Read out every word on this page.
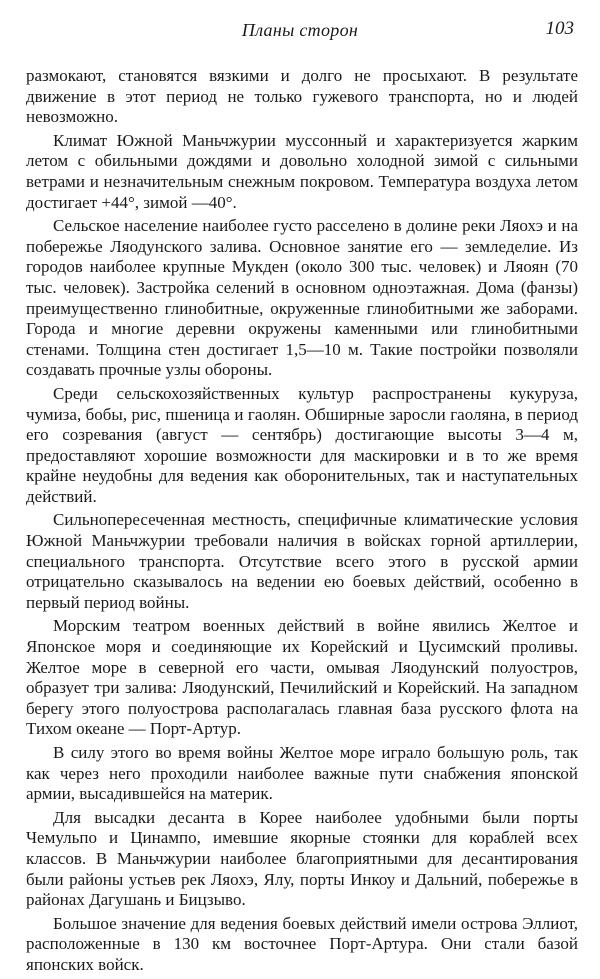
Планы сторон	103

размокают, становятся вязкими и долго не просыхают. В результате движение в этот период не только гужевого транспорта, но и людей невозможно.

Климат Южной Маньчжурии муссонный и характеризуется жарким летом с обильными дождями и довольно холодной зимой с сильными ветрами и незначительным снежным покровом. Температура воздуха летом достигает +44°, зимой —40°.

Сельское население наиболее густо расселено в долине реки Ляохэ и на побережье Ляодунского залива. Основное занятие его — земледелие. Из городов наиболее крупные Мукден (около 300 тыс. человек) и Ляоян (70 тыс. человек). Застройка селений в основном одноэтажная. Дома (фанзы) преимущественно глинобитные, окруженные глинобитными же заборами. Города и многие деревни окружены каменными или глинобитными стенами. Толщина стен достигает 1,5—10 м. Такие постройки позволяли создавать прочные узлы обороны.

Среди сельскохозяйственных культур распространены кукуруза, чумиза, бобы, рис, пшеница и гаолян. Обширные заросли гаоляна, в период его созревания (август — сентябрь) достигающие высоты 3—4 м, предоставляют хорошие возможности для маскировки и в то же время крайне неудобны для ведения как оборонительных, так и наступательных действий.

Сильнопересеченная местность, специфичные климатические условия Южной Маньчжурии требовали наличия в войсках горной артиллерии, специального транспорта. Отсутствие всего этого в русской армии отрицательно сказывалось на ведении ею боевых действий, особенно в первый период войны.

Морским театром военных действий в войне явились Желтое и Японское моря и соединяющие их Корейский и Цусимский проливы. Желтое море в северной его части, омывая Ляодунский полуостров, образует три залива: Ляодунский, Печилийский и Корейский. На западном берегу этого полуострова располагалась главная база русского флота на Тихом океане — Порт-Артур.

В силу этого во время войны Желтое море играло большую роль, так как через него проходили наиболее важные пути снабжения японской армии, высадившейся на материк.

Для высадки десанта в Корее наиболее удобными были порты Чемульпо и Цинампо, имевшие якорные стоянки для кораблей всех классов. В Маньчжурии наиболее благоприятными для десантирования были районы устьев рек Ляохэ, Ялу, порты Инкоу и Дальний, побережье в районах Дагушань и Бицзыво.

Большое значение для ведения боевых действий имели острова Эллиот, расположенные в 130 км восточнее Порт-Артура. Они стали базой японских войск.
